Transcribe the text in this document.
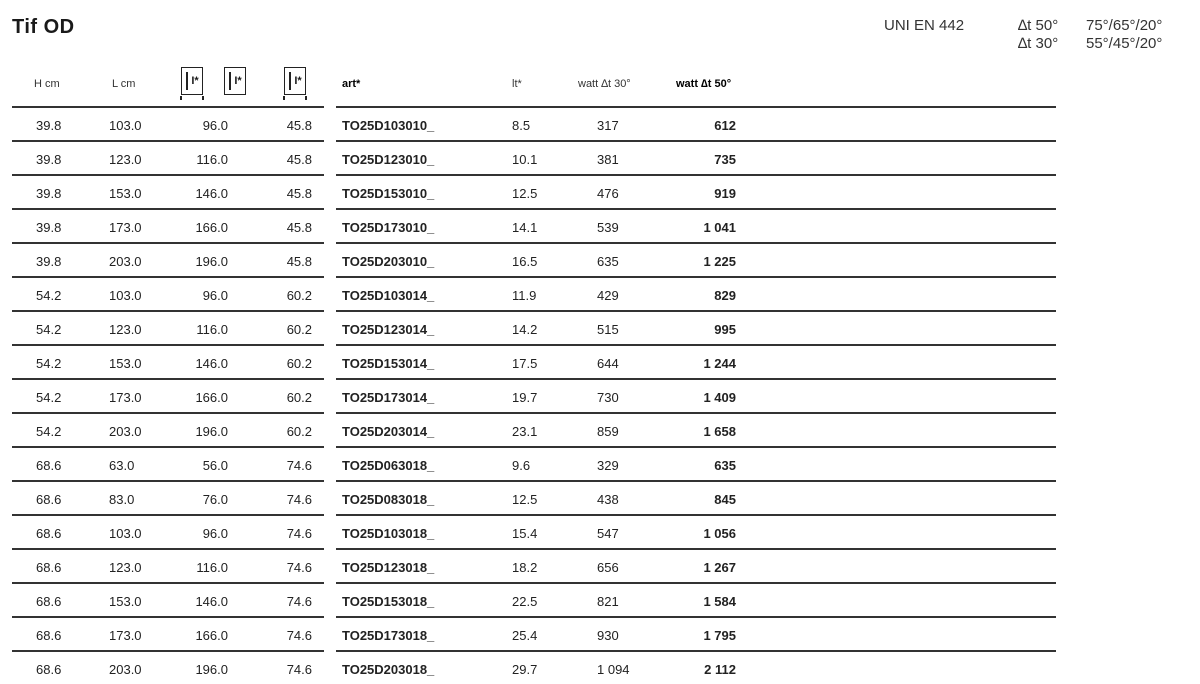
Tif OD	UNI EN 442	∆t 50° 75°/65°/20°
∆t 30° 55°/45°/20°
H cm	L cm	I*	I*	I*	art*	lt*	watt ∆t 30°	watt ∆t 50°
39.8	103.0	96.0	45.8 TO25D103010_	8.5	317	612
39.8	123.0	116.0	45.8 TO25D123010_	10.1	381	735
39.8	153.0	146.0	45.8 TO25D153010_	12.5	476	919
39.8	173.0	166.0	45.8 TO25D173010_	14.1	539	1 041
39.8	203.0	196.0	45.8 TO25D203010_	16.5	635	1 225
54.2	103.0	96.0	60.2 TO25D103014_	11.9	429	829
54.2	123.0	116.0	60.2 TO25D123014_	14.2	515	995
54.2	153.0	146.0	60.2 TO25D153014_	17.5	644	1 244
54.2	173.0	166.0	60.2 TO25D173014_	19.7	730	1 409
54.2	203.0	196.0	60.2 TO25D203014_	23.1	859	1 658
68.6	63.0	56.0	74.6 TO25D063018_	9.6	329	635
68.6	83.0	76.0	74.6 TO25D083018_	12.5	438	845
68.6	103.0	96.0	74.6 TO25D103018_	15.4	547	1 056
68.6	123.0	116.0	74.6 TO25D123018_	18.2	656	1 267
68.6	153.0	146.0	74.6 TO25D153018_	22.5	821	1 584
68.6	173.0	166.0	74.6 TO25D173018_	25.4	930	1 795
68.6	203.0	196.0	74.6 TO25D203018_	29.7	1 094	2 112
